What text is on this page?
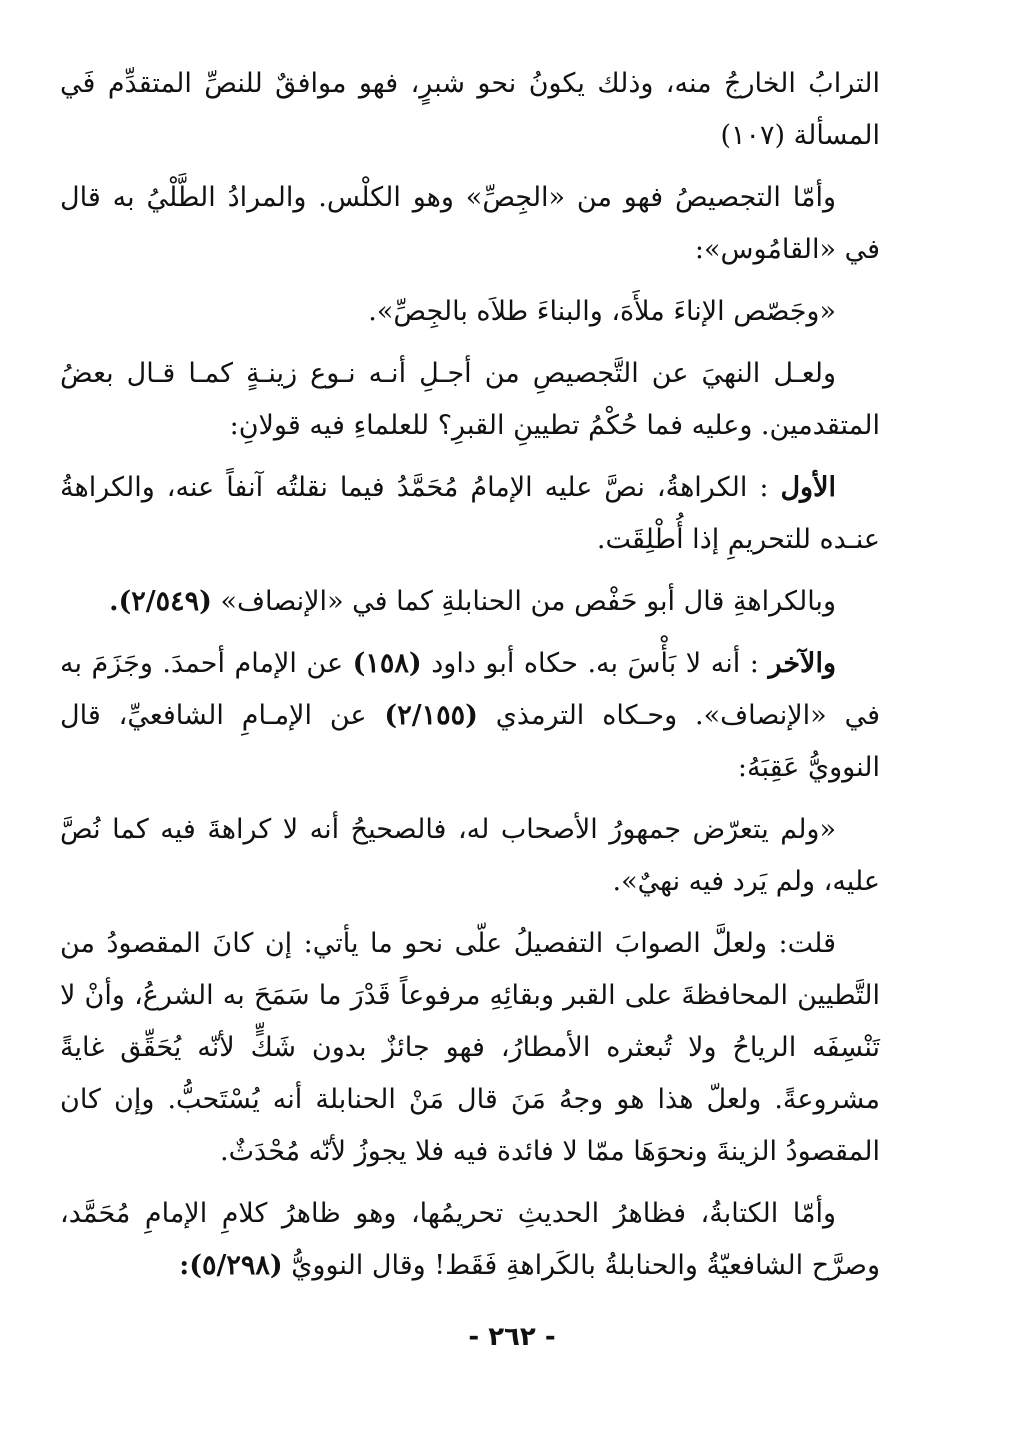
الترابُ الخارجُ منه، وذلك يكونُ نحو شبرٍ، فهو موافقٌ للنصِّ المتقدِّم فَي المسألة (١٠٧)

وأمّا التجصيصُ فهو من «الجِصِّ» وهو الكلْس. والمرادُ الطَّلْيُ به قال في «القامُوس»:

«وجَصّص الإناءَ ملأَهَ، والبناءَ طلاَه بالجِصِّ».

ولعـل النهيَ عن التَّجصيصِ من أجـلِ أنـه نـوع زينـةٍ كمـا قـال بعضُ المتقدمين. وعليه فما حُكْمُ تطيينِ القبرِ؟ للعلماءِ فيه قولانِ:

الأول : الكراهةُ، نصَّ عليه الإمامُ مُحَمَّدُ فيما نقلتُه آنفاً عنه، والكراهةُ عنـده للتحريمِ إذا أُطْلِقَت.

وبالكراهةِ قال أبو حَفْص من الحنابلةِ كما في «الإنصاف» (٢/٥٤٩).

والآخر : أنه لا بَأْسَ به. حكاه أبو داود (١٥٨) عن الإمام أحمدَ. وجَزَمَ به في «الإنصاف». وحـكاه الترمذي (٢/١٥٥) عن الإمـامِ الشافعيِّ، قال النوويُّ عَقِبَهُ:

«ولم يتعرّض جمهورُ الأصحاب له، فالصحيحُ أنه لا كراهةَ فيه كما نُصَّ عليه، ولم يَرد فيه نهيٌ».

قلت: ولعلَّ الصوابَ التفصيلُ علّى نحو ما يأتي: إن كانَ المقصودُ من التَّطيين المحافظةَ على القبر وبقائِهِ مرفوعاً قَدْرَ ما سَمَحَ به الشرعُ، وأنْ لا تَنْسِفَه الرياحُ ولا تُبعثره الأمطارُ، فهو جائزٌ بدون شَكٍّ لأنّه يُحَقِّق غايةً مشروعةً. ولعلّ هذا هو وجهُ مَنَ قال مَنْ الحنابلة أنه يُسْتَحبُّ. وإن كان المقصودُ الزينةَ ونحوَهَا ممّا لا فائدة فيه فلا يجوزُ لأنّه مُحْدَثٌ.

وأمّا الكتابةُ، فظاهرُ الحديثِ تحريمُها، وهو ظاهرُ كلامِ الإمامِ مُحَمَّد، وصرَّح الشافعيّةُ والحنابلةُ بالكَراهةِ فَقَط! وقال النوويُّ (٥/٢٩٨):

- ٢٦٢ -
